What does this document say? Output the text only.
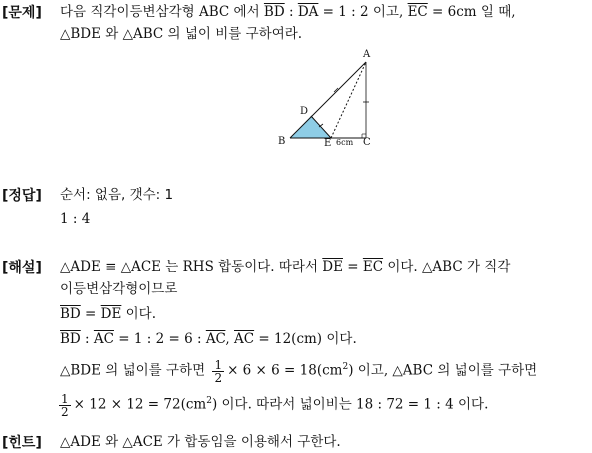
[문제] 다음 직각이등변삼각형 ABC 에서 $\overline{BD}$ : $\overline{DA} = 1$ : 2 이고, $\overline{EC} = 6cm$ 일 때,
△BDE 와 △ABC 의 넓이 비를 구하여라.
A
B	C
D
E 6cm
[정답] 순서: 없음, 갯수: 1
1 : 4
[해설] △ADE ≡ △ACE 는 RHS 합동이다. 따라서 $\overline{DE} = \overline{EC}$ 이다. △ABC 가 직각
이등변삼각형이므로
$\overline{BD} = \overline{DE}$ 이다.
$\overline{BD}$ : $\overline{AC} = 1$ : 2 = 6 : $\overline{AC}$, $\overline{AC} = 12(cm)$ 이다.
△BDE 의 넓이를 구하면 $\frac{1}{2} \times 6 \times 6 = 18(cm^2)$ 이고, △ABC 의 넓이를 구하면
$\frac{1}{2} \times 12 \times 12 = 72(cm^2)$ 이다. 따라서 넓이비는 18 : 72 = 1 : 4 이다.
[힌트] △ADE 와 △ACE 가 합동임을 이용해서 구한다.
